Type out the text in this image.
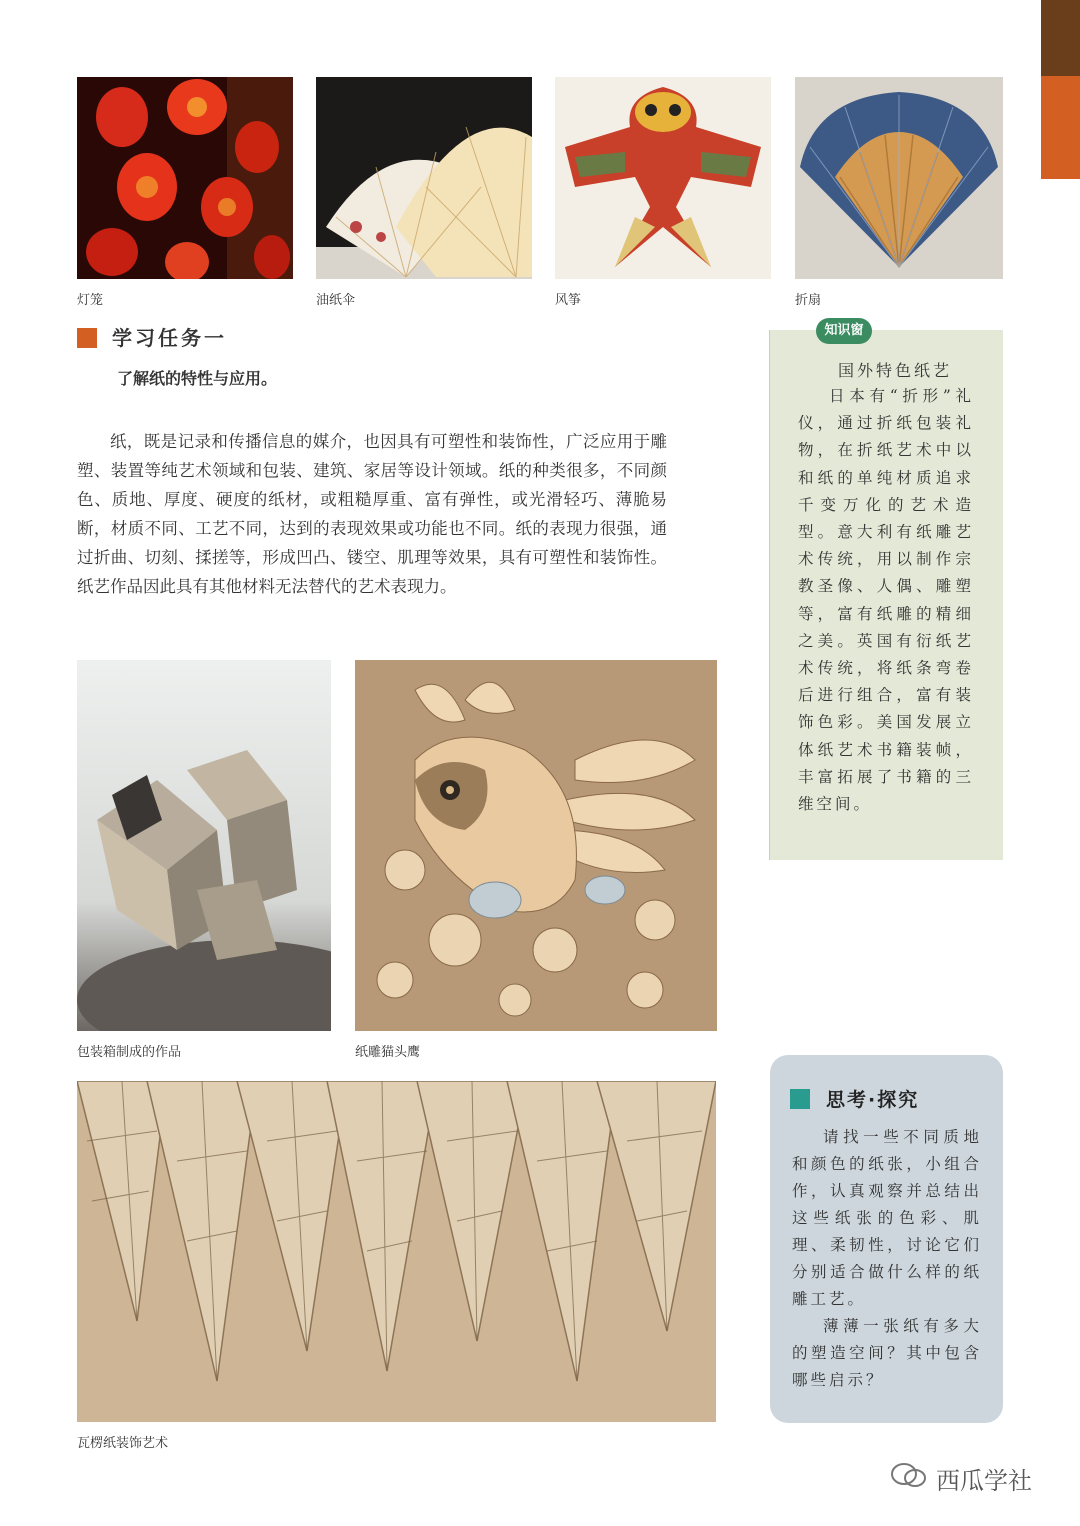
灯笼	油纸伞	风筝	折扇
学习任务一
了解纸的特性与应用。

纸，既是记录和传播信息的媒介，也因具有可塑性和装饰性，广泛应用于雕塑、装置等纯艺术领域和包装、建筑、家居等设计领域。纸的种类很多，不同颜色、质地、厚度、硬度的纸材，或粗糙厚重、富有弹性，或光滑轻巧、薄脆易断，材质不同、工艺不同，达到的表现效果或功能也不同。纸的表现力很强，通过折曲、切刻、揉搓等，形成凹凸、镂空、肌理等效果，具有可塑性和装饰性。纸艺作品因此具有其他材料无法替代的艺术表现力。

知识窗
国外特色纸艺

日本有“折形”礼仪，通过折纸包装礼物，在折纸艺术中以和纸的单纯材质追求千变万化的艺术造型。意大利有纸雕艺术传统，用以制作宗教圣像、人偶、雕塑等，富有纸雕的精细之美。英国有衍纸艺术传统，将纸条弯卷后进行组合，富有装饰色彩。美国发展立体纸艺术书籍装帧，丰富拓展了书籍的三维空间。

包装箱制成的作品	纸雕猫头鹰
瓦楞纸装饰艺术
思考·探究

请找一些不同质地和颜色的纸张，小组合作，认真观察并总结出这些纸张的色彩、肌理、柔韧性，讨论它们分别适合做什么样的纸雕工艺。

薄薄一张纸有多大的塑造空间？其中包含哪些启示？

西瓜学社
